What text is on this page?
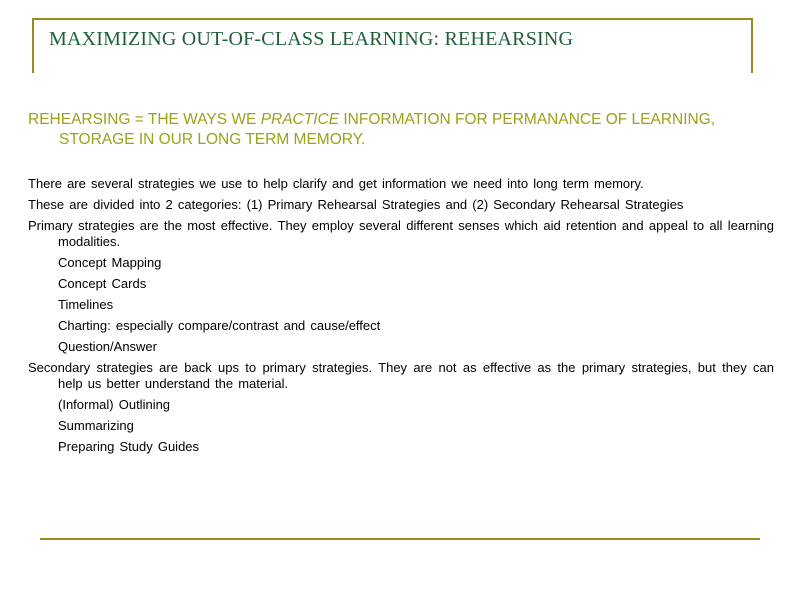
MAXIMIZING OUT-OF-CLASS LEARNING: REHEARSING

REHEARSING = THE WAYS WE PRACTICE INFORMATION FOR PERMANANCE OF LEARNING, STORAGE IN OUR LONG TERM MEMORY.

There are several strategies we use to help clarify and get information we need into long term memory.

These are divided into 2 categories: (1) Primary Rehearsal Strategies and (2) Secondary Rehearsal Strategies

Primary strategies are the most effective. They employ several different senses which aid retention and appeal to all learning modalities.

Concept Mapping

Concept Cards

Timelines

Charting: especially compare/contrast and cause/effect

Question/Answer

Secondary strategies are back ups to primary strategies. They are not as effective as the primary strategies, but they can help us better understand the material.

(Informal) Outlining

Summarizing

Preparing Study Guides
